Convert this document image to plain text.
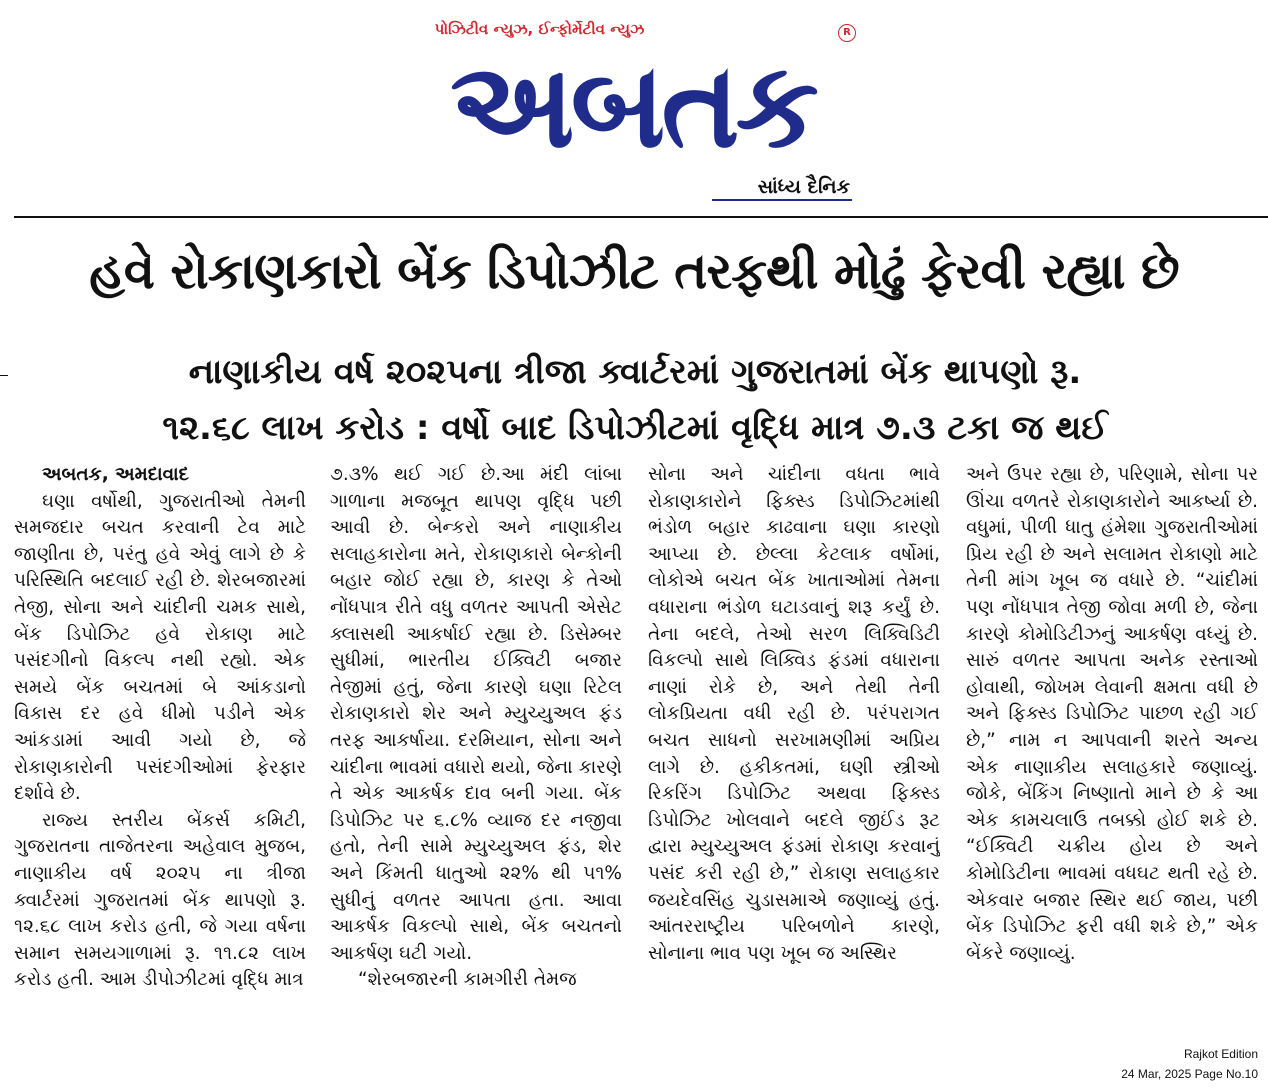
પોઝિટીવ ન્યુઝ, ઈન્ફોર્મેટીવ ન્યુઝ	R
અબતક
સાંધ્ય દૈનિક
હવે રોકાણકારો બેંક ડિપોઝીટ તરફથી મોઢું ફેરવી રહ્યા છે
નાણાકીય વર્ષ ૨૦૨૫ના ત્રીજા ક્વાર્ટરમાં ગુજરાતમાં બેંક થાપણો રૂ.
૧૨.૬૮ લાખ કરોડ : વર્ષો બાદ ડિપોઝીટમાં વૃદ્ધિ માત્ર ૭.૩ ટકા જ થઈ

અબતક, અમદાવાદ

ઘણા વર્ષોથી, ગુજરાતીઓ તેમની સમજદાર બચત કરવાની ટેવ માટે જાણીતા છે, પરંતુ હવે એવું લાગે છે કે પરિસ્થિતિ બદલાઈ રહી છે. શેરબજારમાં તેજી, સોના અને ચાંદીની ચમક સાથે, બેંક ડિપોઝિટ હવે રોકાણ માટે પસંદગીનો વિકલ્પ નથી રહ્યો. એક સમયે બેંક બચતમાં બે આંકડાનો વિકાસ દર હવે ધીમો પડીને એક આંકડામાં આવી ગયો છે, જે રોકાણકારોની પસંદગીઓમાં ફેરફાર દર્શાવે છે.

રાજ્ય સ્તરીય બેંકર્સ કમિટી, ગુજરાતના તાજેતરના અહેવાલ મુજબ, નાણાકીય વર્ષ ૨૦૨૫ ના ત્રીજા ક્વાર્ટરમાં ગુજરાતમાં બેંક થાપણો રૂ. ૧૨.૬૮ લાખ કરોડ હતી, જે ગયા વર્ષના સમાન સમયગાળામાં રૂ. ૧૧.૮૨ લાખ કરોડ હતી. આમ ડીપોઝીટમાં વૃદ્ધિ માત્ર

૭.૩% થઈ ગઈ છે.આ મંદી લાંબા ગાળાના મજબૂત થાપણ વૃદ્ધિ પછી આવી છે. બેન્કરો અને નાણાકીય સલાહકારોના મતે, રોકાણકારો બેન્કોની બહાર જોઈ રહ્યા છે, કારણ કે તેઓ નોંધપાત્ર રીતે વધુ વળતર આપતી એસેટ ક્લાસથી આકર્ષાઈ રહ્યા છે. ડિસેમ્બર સુધીમાં, ભારતીય ઈક્વિટી બજાર તેજીમાં હતું, જેના કારણે ઘણા રિટેલ રોકાણકારો શેર અને મ્યુચ્યુઅલ ફંડ તરફ આકર્ષાયા. દરમિયાન, સોના અને ચાંદીના ભાવમાં વધારો થયો, જેના કારણે તે એક આકર્ષક દાવ બની ગયા. બેંક ડિપોઝિટ પર ૬.૮% વ્યાજ દર નજીવા હતો, તેની સામે મ્યુચ્યુઅલ ફંડ, શેર અને કિંમતી ધાતુઓ ૨૨% થી ૫૧% સુધીનું વળતર આપતા હતા. આવા આકર્ષક વિકલ્પો સાથે, બેંક બચતનો આકર્ષણ ઘટી ગયો.

“શેરબજારની કામગીરી તેમજ

સોના અને ચાંદીના વધતા ભાવે રોકાણકારોને ફિક્સ્ડ ડિપોઝિટમાંથી ભંડોળ બહાર કાઢવાના ઘણા કારણો આપ્યા છે. છેલ્લા કેટલાક વર્ષોમાં, લોકોએ બચત બેંક ખાતાઓમાં તેમના વધારાના ભંડોળ ઘટાડવાનું શરૂ કર્યું છે. તેના બદલે, તેઓ સરળ લિક્વિડિટી વિકલ્પો સાથે લિક્વિડ ફંડમાં વધારાના નાણાં રોકે છે, અને તેથી તેની લોકપ્રિયતા વધી રહી છે. પરંપરાગત બચત સાધનો સરખામણીમાં અપ્રિય લાગે છે. હકીકતમાં, ઘણી સ્ત્રીઓ રિકરિંગ ડિપોઝિટ અથવા ફિક્સ્ડ ડિપોઝિટ ખોલવાને બદલે જીઈંડ રૂટ દ્વારા મ્યુચ્યુઅલ ફંડમાં રોકાણ કરવાનું પસંદ કરી રહી છે,” રોકાણ સલાહકાર જયદેવસિંહ ચુડાસમાએ જણાવ્યું હતું. આંતરરાષ્ટ્રીય પરિબળોને કારણે, સોનાના ભાવ પણ ખૂબ જ અસ્થિર

અને ઉપર રહ્યા છે, પરિણામે, સોના પર ઊંચા વળતરે રોકાણકારોને આકર્ષ્યા છે. વધુમાં, પીળી ધાતુ હંમેશા ગુજરાતીઓમાં પ્રિય રહી છે અને સલામત રોકાણો માટે તેની માંગ ખૂબ જ વધારે છે. “ચાંદીમાં પણ નોંધપાત્ર તેજી જોવા મળી છે, જેના કારણે કોમોડિટીઝનું આકર્ષણ વધ્યું છે. સારું વળતર આપતા અનેક રસ્તાઓ હોવાથી, જોખમ લેવાની ક્ષમતા વધી છે અને ફિક્સ્ડ ડિપોઝિટ પાછળ રહી ગઈ છે,” નામ ન આપવાની શરતે અન્ય એક નાણાકીય સલાહકારે જણાવ્યું. જોકે, બેંકિંગ નિષ્ણાતો માને છે કે આ એક કામચલાઉ તબક્કો હોઈ શકે છે. “ઈક્વિટી ચક્રીય હોય છે અને કોમોડિટીના ભાવમાં વધઘટ થતી રહે છે. એકવાર બજાર સ્થિર થઈ જાય, પછી બેંક ડિપોઝિટ ફરી વધી શકે છે,” એક બેંકરે જણાવ્યું.

Rajkot Edition
24 Mar, 2025 Page No.10
